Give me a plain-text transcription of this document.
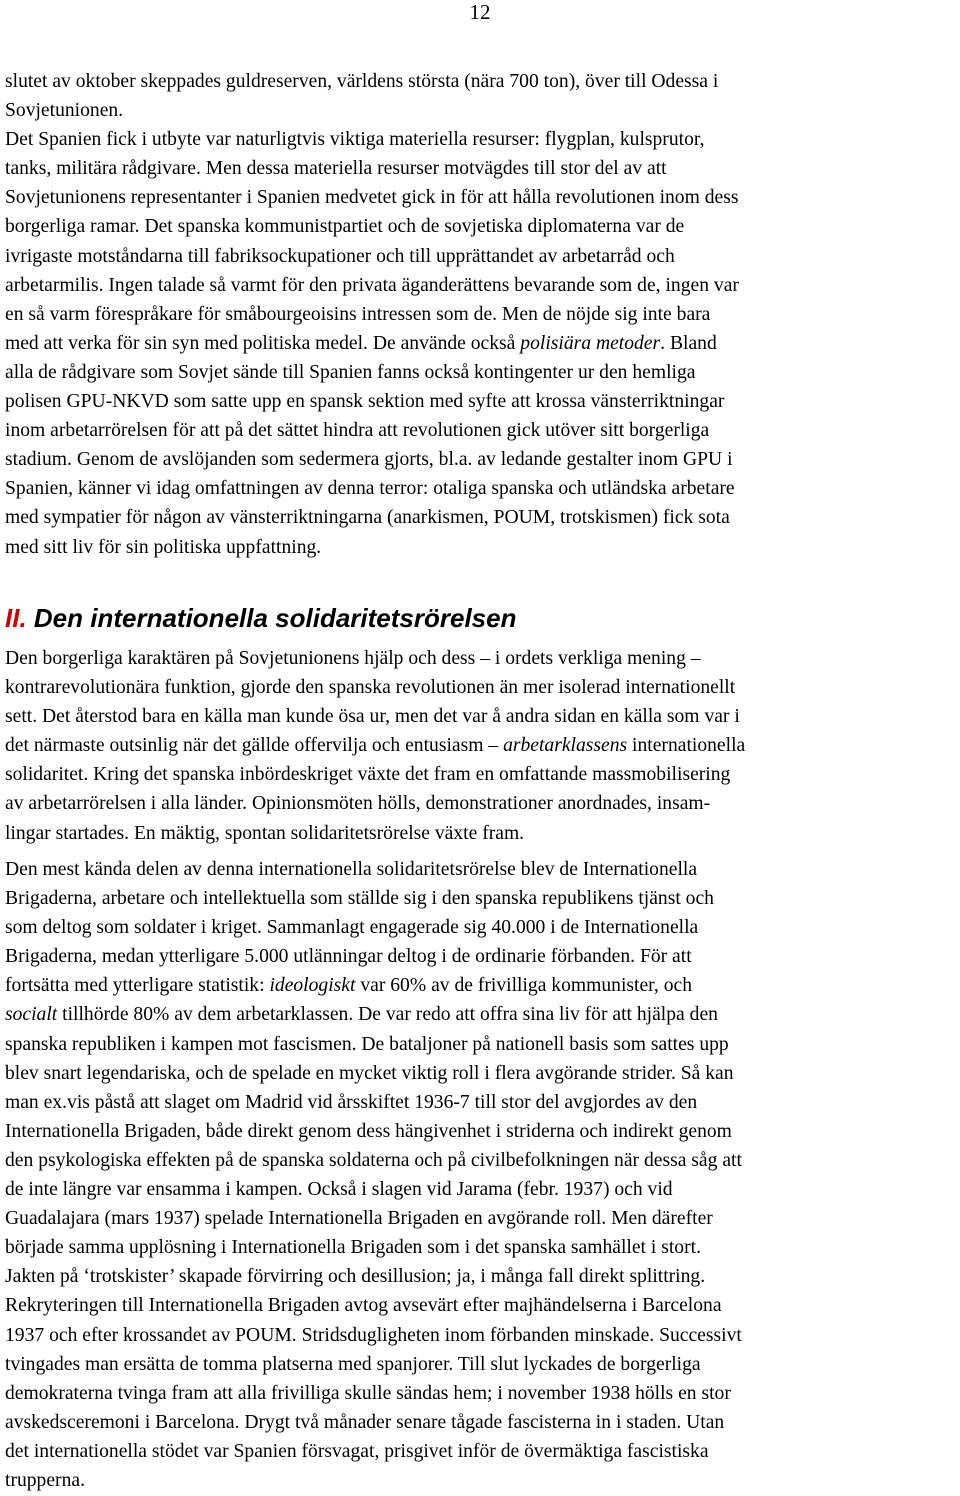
12
slutet av oktober skeppades guldreserven, världens största (nära 700 ton), över till Odessa i
Sovjetunionen.
Det Spanien fick i utbyte var naturligtvis viktiga materiella resurser: flygplan, kulsprutor,
tanks, militära rådgivare. Men dessa materiella resurser motvägdes till stor del av att
Sovjetunionens representanter i Spanien medvetet gick in för att hålla revolutionen inom dess
borgerliga ramar. Det spanska kommunistpartiet och de sovjetiska diplomaterna var de
ivrigaste motståndarna till fabriksockupationer och till upprättandet av arbetarråd och
arbetarmilis. Ingen talade så varmt för den privata äganderättens bevarande som de, ingen var
en så varm förespråkare för småbourgeoisins intressen som de. Men de nöjde sig inte bara
med att verka för sin syn med politiska medel. De använde också polisiära metoder. Bland
alla de rådgivare som Sovjet sände till Spanien fanns också kontingenter ur den hemliga
polisen GPU-NKVD som satte upp en spansk sektion med syfte att krossa vänsterriktningar
inom arbetarrörelsen för att på det sättet hindra att revolutionen gick utöver sitt borgerliga
stadium. Genom de avslöjanden som sedermera gjorts, bl.a. av ledande gestalter inom GPU i
Spanien, känner vi idag omfattningen av denna terror: otaliga spanska och utländska arbetare
med sympatier för någon av vänsterriktningarna (anarkismen, POUM, trotskismen) fick sota
med sitt liv för sin politiska uppfattning.
II. Den internationella solidaritetsrörelsen
Den borgerliga karaktären på Sovjetunionens hjälp och dess – i ordets verkliga mening –
kontrarevolutionära funktion, gjorde den spanska revolutionen än mer isolerad internationellt
sett. Det återstod bara en källa man kunde ösa ur, men det var å andra sidan en källa som var i
det närmaste outsinlig när det gällde offervilja och entusiasm – arbetarklassens internationella
solidaritet. Kring det spanska inbördeskriget växte det fram en omfattande massmobilisering
av arbetarrörelsen i alla länder. Opinionsmöten hölls, demonstrationer anordnades, insam-
lingar startades. En mäktig, spontan solidaritetsrörelse växte fram.
Den mest kända delen av denna internationella solidaritetsrörelse blev de Internationella
Brigaderna, arbetare och intellektuella som ställde sig i den spanska republikens tjänst och
som deltog som soldater i kriget. Sammanlagt engagerade sig 40.000 i de Internationella
Brigaderna, medan ytterligare 5.000 utlänningar deltog i de ordinarie förbanden. För att
fortsätta med ytterligare statistik: ideologiskt var 60% av de frivilliga kommunister, och
socialt tillhörde 80% av dem arbetarklassen. De var redo att offra sina liv för att hjälpa den
spanska republiken i kampen mot fascismen. De bataljoner på nationell basis som sattes upp
blev snart legendariska, och de spelade en mycket viktig roll i flera avgörande strider. Så kan
man ex.vis påstå att slaget om Madrid vid årsskiftet 1936-7 till stor del avgjordes av den
Internationella Brigaden, både direkt genom dess hängivenhet i striderna och indirekt genom
den psykologiska effekten på de spanska soldaterna och på civilbefolkningen när dessa såg att
de inte längre var ensamma i kampen. Också i slagen vid Jarama (febr. 1937) och vid
Guadalajara (mars 1937) spelade Internationella Brigaden en avgörande roll. Men därefter
började samma upplösning i Internationella Brigaden som i det spanska samhället i stort.
Jakten på ‘trotskister’ skapade förvirring och desillusion; ja, i många fall direkt splittring.
Rekryteringen till Internationella Brigaden avtog avsevärt efter majhändelserna i Barcelona
1937 och efter krossandet av POUM. Stridsdugligheten inom förbanden minskade. Successivt
tvingades man ersätta de tomma platserna med spanjorer. Till slut lyckades de borgerliga
demokraterna tvinga fram att alla frivilliga skulle sändas hem; i november 1938 hölls en stor
avskedsceremoni i Barcelona. Drygt två månader senare tågade fascisterna in i staden. Utan
det internationella stödet var Spanien försvagat, prisgivet inför de övermäktiga fascistiska
trupperna.
